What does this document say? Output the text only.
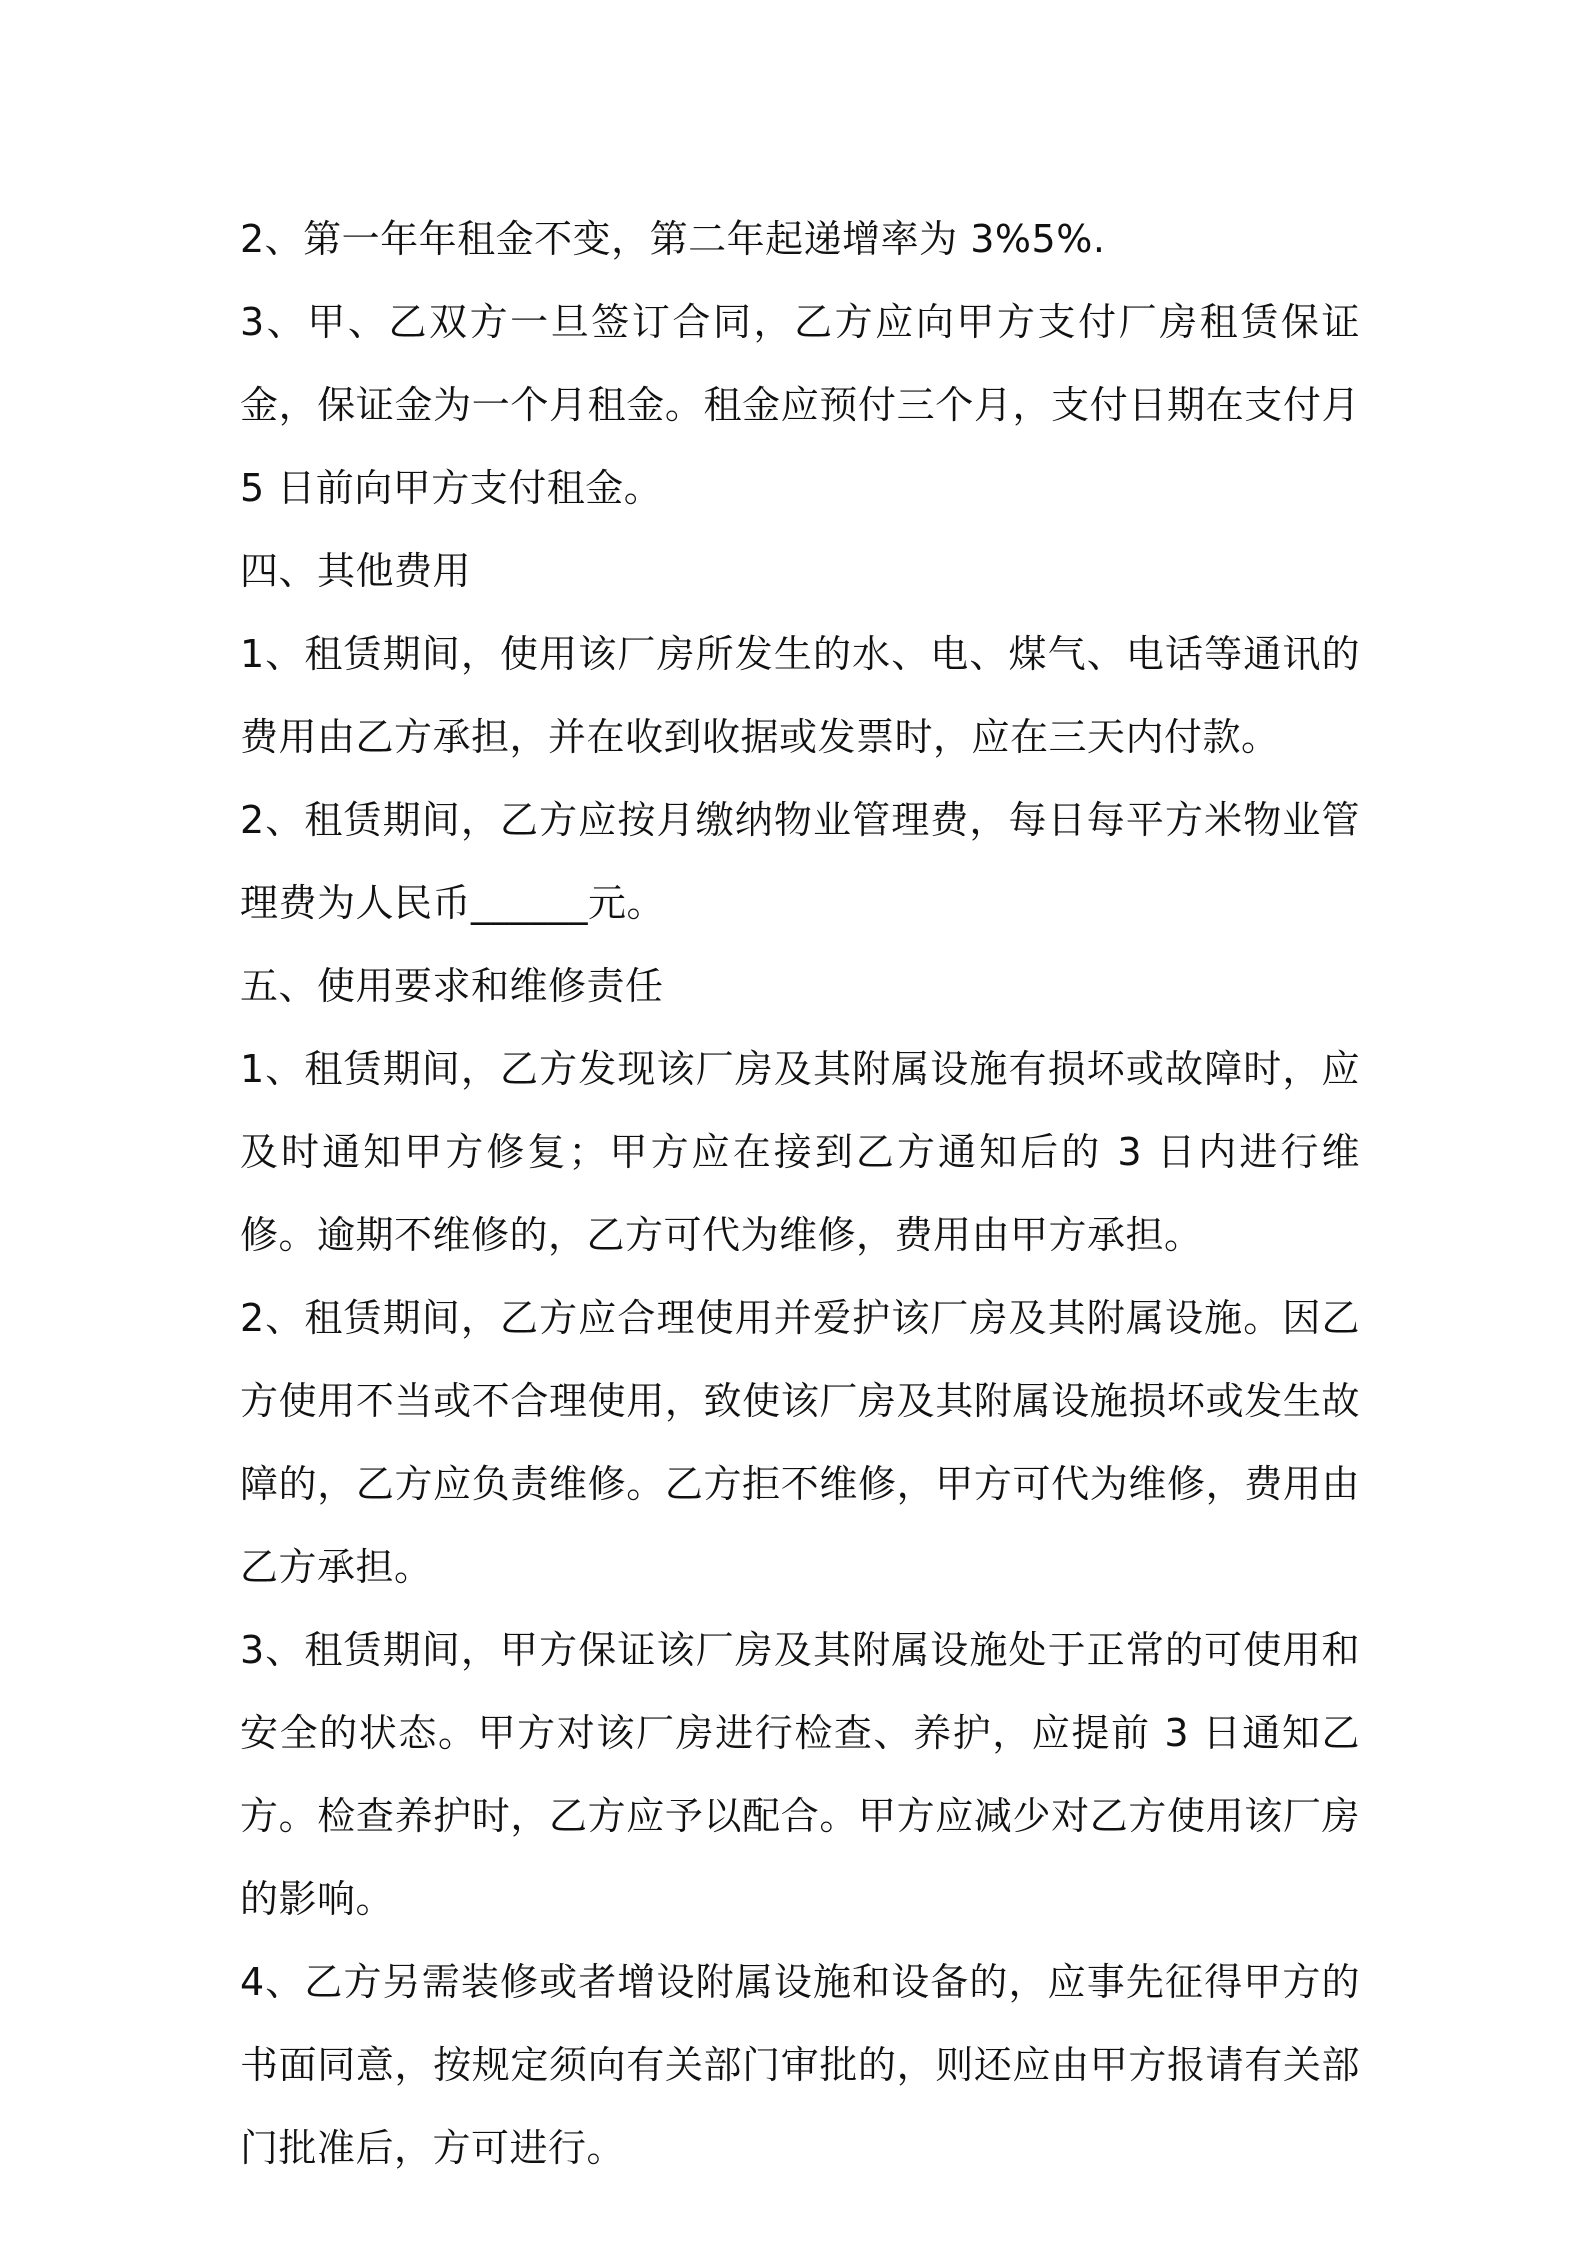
2、第一年年租金不变，第二年起递增率为 3%5%.

3、甲、乙双方一旦签订合同，乙方应向甲方支付厂房租赁保证金，保证金为一个月租金。租金应预付三个月，支付日期在支付月 5 日前向甲方支付租金。

四、其他费用

1、租赁期间，使用该厂房所发生的水、电、煤气、电话等通讯的费用由乙方承担，并在收到收据或发票时，应在三天内付款。

2、租赁期间，乙方应按月缴纳物业管理费，每日每平方米物业管理费为人民币______元。

五、使用要求和维修责任

1、租赁期间，乙方发现该厂房及其附属设施有损坏或故障时，应及时通知甲方修复；甲方应在接到乙方通知后的 3 日内进行维修。逾期不维修的，乙方可代为维修，费用由甲方承担。

2、租赁期间，乙方应合理使用并爱护该厂房及其附属设施。因乙方使用不当或不合理使用，致使该厂房及其附属设施损坏或发生故障的，乙方应负责维修。乙方拒不维修，甲方可代为维修，费用由乙方承担。

3、租赁期间，甲方保证该厂房及其附属设施处于正常的可使用和安全的状态。甲方对该厂房进行检查、养护，应提前 3 日通知乙方。检查养护时，乙方应予以配合。甲方应减少对乙方使用该厂房的影响。

4、乙方另需装修或者增设附属设施和设备的，应事先征得甲方的书面同意，按规定须向有关部门审批的，则还应由甲方报请有关部门批准后，方可进行。
